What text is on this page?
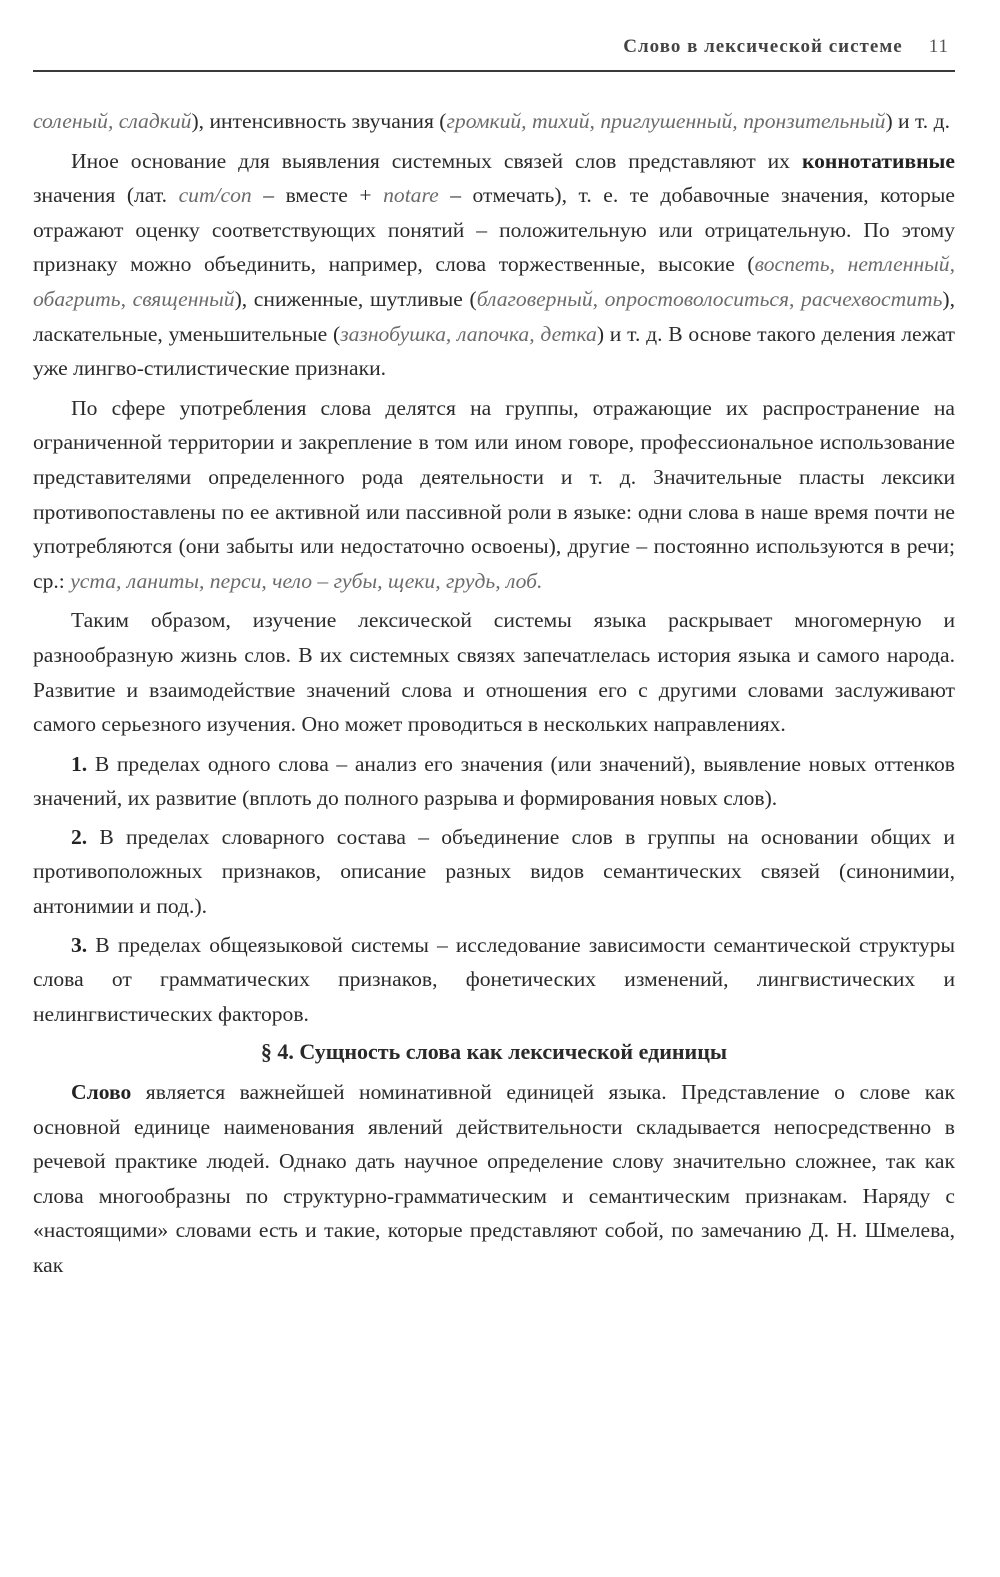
Слово в лексической системе 11

соленый, сладкий), интенсивность звучания (громкий, тихий, приглушенный, пронзительный) и т. д.

Иное основание для выявления системных связей слов представляют их коннотативные значения (лат. cum/con – вместе + notare – отмечать), т. е. те добавочные значения, которые отражают оценку соответствующих понятий – положительную или отрицательную. По этому признаку можно объединить, например, слова торжественные, высокие (воспеть, нетленный, обагрить, священный), сниженные, шутливые (благоверный, опростоволоситься, расчехвостить), ласкательные, уменьшительные (зазнобушка, лапочка, детка) и т. д. В основе такого деления лежат уже лингво-стилистические признаки.

По сфере употребления слова делятся на группы, отражающие их распространение на ограниченной территории и закрепление в том или ином говоре, профессиональное использование представителями определенного рода деятельности и т. д. Значительные пласты лексики противопоставлены по ее активной или пассивной роли в языке: одни слова в наше время почти не употребляются (они забыты или недостаточно освоены), другие – постоянно используются в речи; ср.: уста, ланиты, перси, чело – губы, щеки, грудь, лоб.

Таким образом, изучение лексической системы языка раскрывает многомерную и разнообразную жизнь слов. В их системных связях запечатлелась история языка и самого народа. Развитие и взаимодействие значений слова и отношения его с другими словами заслуживают самого серьезного изучения. Оно может проводиться в нескольких направлениях.

1. В пределах одного слова – анализ его значения (или значений), выявление новых оттенков значений, их развитие (вплоть до полного разрыва и формирования новых слов).

2. В пределах словарного состава – объединение слов в группы на основании общих и противоположных признаков, описание разных видов семантических связей (синонимии, антонимии и под.).

3. В пределах общеязыковой системы – исследование зависимости семантической структуры слова от грамматических признаков, фонетических изменений, лингвистических и нелингвистических факторов.

§ 4. Сущность слова как лексической единицы

Слово является важнейшей номинативной единицей языка. Представление о слове как основной единице наименования явлений действительности складывается непосредственно в речевой практике людей. Однако дать научное определение слову значительно сложнее, так как слова многообразны по структурно-грамматическим и семантическим признакам. Наряду с «настоящими» словами есть и такие, которые представляют собой, по замечанию Д. Н. Шмелева, как
